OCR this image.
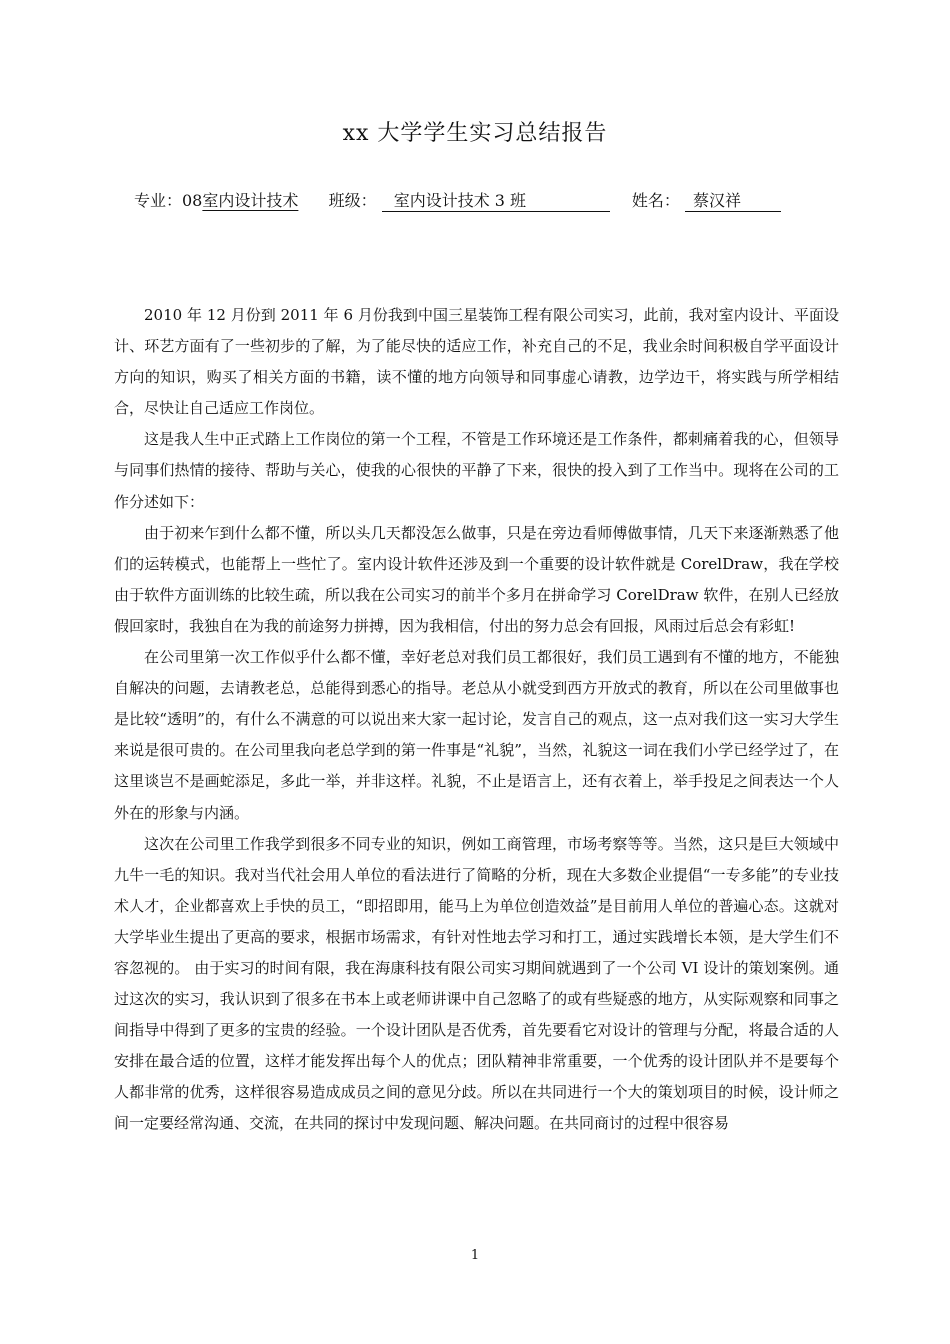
xx 大学学生实习总结报告
专业：08室内设计技术 班级： 室内设计技术 3 班	姓名： 蔡汉祥

2010 年 12 月份到 2011 年 6 月份我到中国三星装饰工程有限公司实习，此前，我对室内设计、平面设计、环艺方面有了一些初步的了解，为了能尽快的适应工作，补充自己的不足，我业余时间积极自学平面设计方向的知识，购买了相关方面的书籍，读不懂的地方向领导和同事虚心请教，边学边干，将实践与所学相结合，尽快让自己适应工作岗位。

这是我人生中正式踏上工作岗位的第一个工程，不管是工作环境还是工作条件，都刺痛着我的心，但领导与同事们热情的接待、帮助与关心，使我的心很快的平静了下来，很快的投入到了工作当中。现将在公司的工作分述如下：

由于初来乍到什么都不懂，所以头几天都没怎么做事，只是在旁边看师傅做事情，几天下来逐渐熟悉了他们的运转模式，也能帮上一些忙了。室内设计软件还涉及到一个重要的设计软件就是 CorelDraw，我在学校由于软件方面训练的比较生疏，所以我在公司实习的前半个多月在拼命学习 CorelDraw 软件，在别人已经放假回家时，我独自在为我的前途努力拼搏，因为我相信，付出的努力总会有回报，风雨过后总会有彩虹!

在公司里第一次工作似乎什么都不懂，幸好老总对我们员工都很好，我们员工遇到有不懂的地方，不能独自解决的问题，去请教老总，总能得到悉心的指导。老总从小就受到西方开放式的教育，所以在公司里做事也是比较“透明”的，有什么不满意的可以说出来大家一起讨论，发言自己的观点，这一点对我们这一实习大学生来说是很可贵的。在公司里我向老总学到的第一件事是“礼貌”，当然，礼貌这一词在我们小学已经学过了，在这里谈岂不是画蛇添足，多此一举，并非这样。礼貌，不止是语言上，还有衣着上，举手投足之间表达一个人外在的形象与内涵。

这次在公司里工作我学到很多不同专业的知识，例如工商管理，市场考察等等。当然，这只是巨大领域中九牛一毛的知识。我对当代社会用人单位的看法进行了简略的分析，现在大多数企业提倡“一专多能”的专业技术人才，企业都喜欢上手快的员工，“即招即用，能马上为单位创造效益”是目前用人单位的普遍心态。这就对大学毕业生提出了更高的要求，根据市场需求，有针对性地去学习和打工，通过实践增长本领，是大学生们不容忽视的。 由于实习的时间有限，我在海康科技有限公司实习期间就遇到了一个公司 VI 设计的策划案例。通过这次的实习，我认识到了很多在书本上或老师讲课中自己忽略了的或有些疑惑的地方，从实际观察和同事之间指导中得到了更多的宝贵的经验。一个设计团队是否优秀，首先要看它对设计的管理与分配，将最合适的人安排在最合适的位置，这样才能发挥出每个人的优点；团队精神非常重要，一个优秀的设计团队并不是要每个人都非常的优秀，这样很容易造成成员之间的意见分歧。所以在共同进行一个大的策划项目的时候，设计师之间一定要经常沟通、交流，在共同的探讨中发现问题、解决问题。在共同商讨的过程中很容易

1
